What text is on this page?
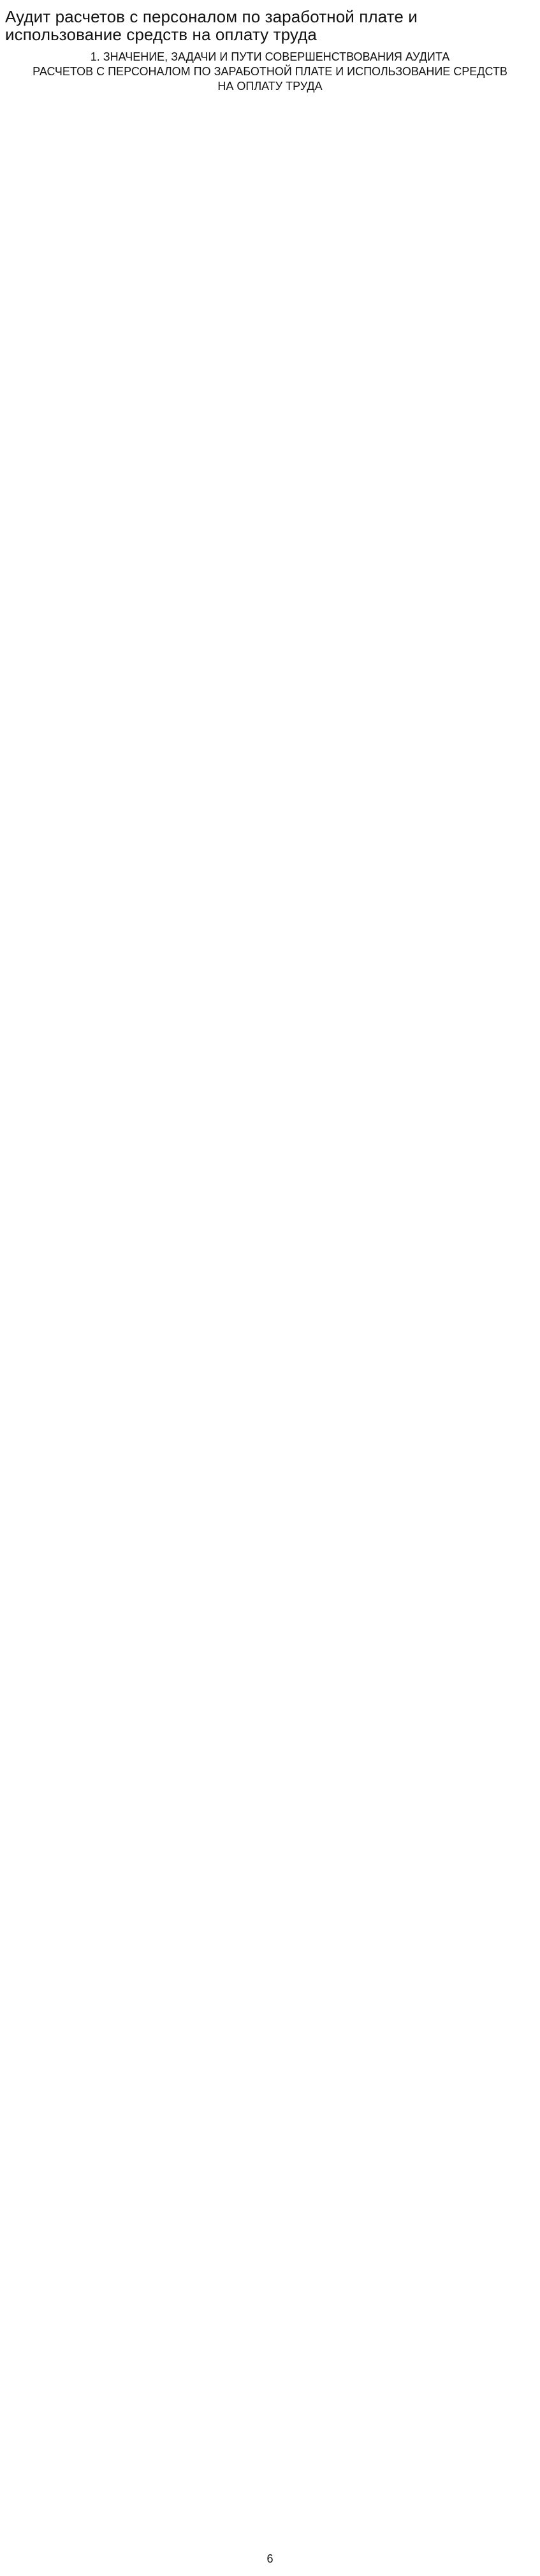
Аудит расчетов с персоналом по заработной плате и использование средств на оплату труда
1. ЗНАЧЕНИЕ, ЗАДАЧИ И ПУТИ СОВЕРШЕНСТВОВАНИЯ АУДИТА
РАСЧЕТОВ С ПЕРСОНАЛОМ ПО ЗАРАБОТНОЙ ПЛАТЕ И ИСПОЛЬЗОВАНИЕ СРЕДСТВ
НА ОПЛАТУ ТРУДА
6
